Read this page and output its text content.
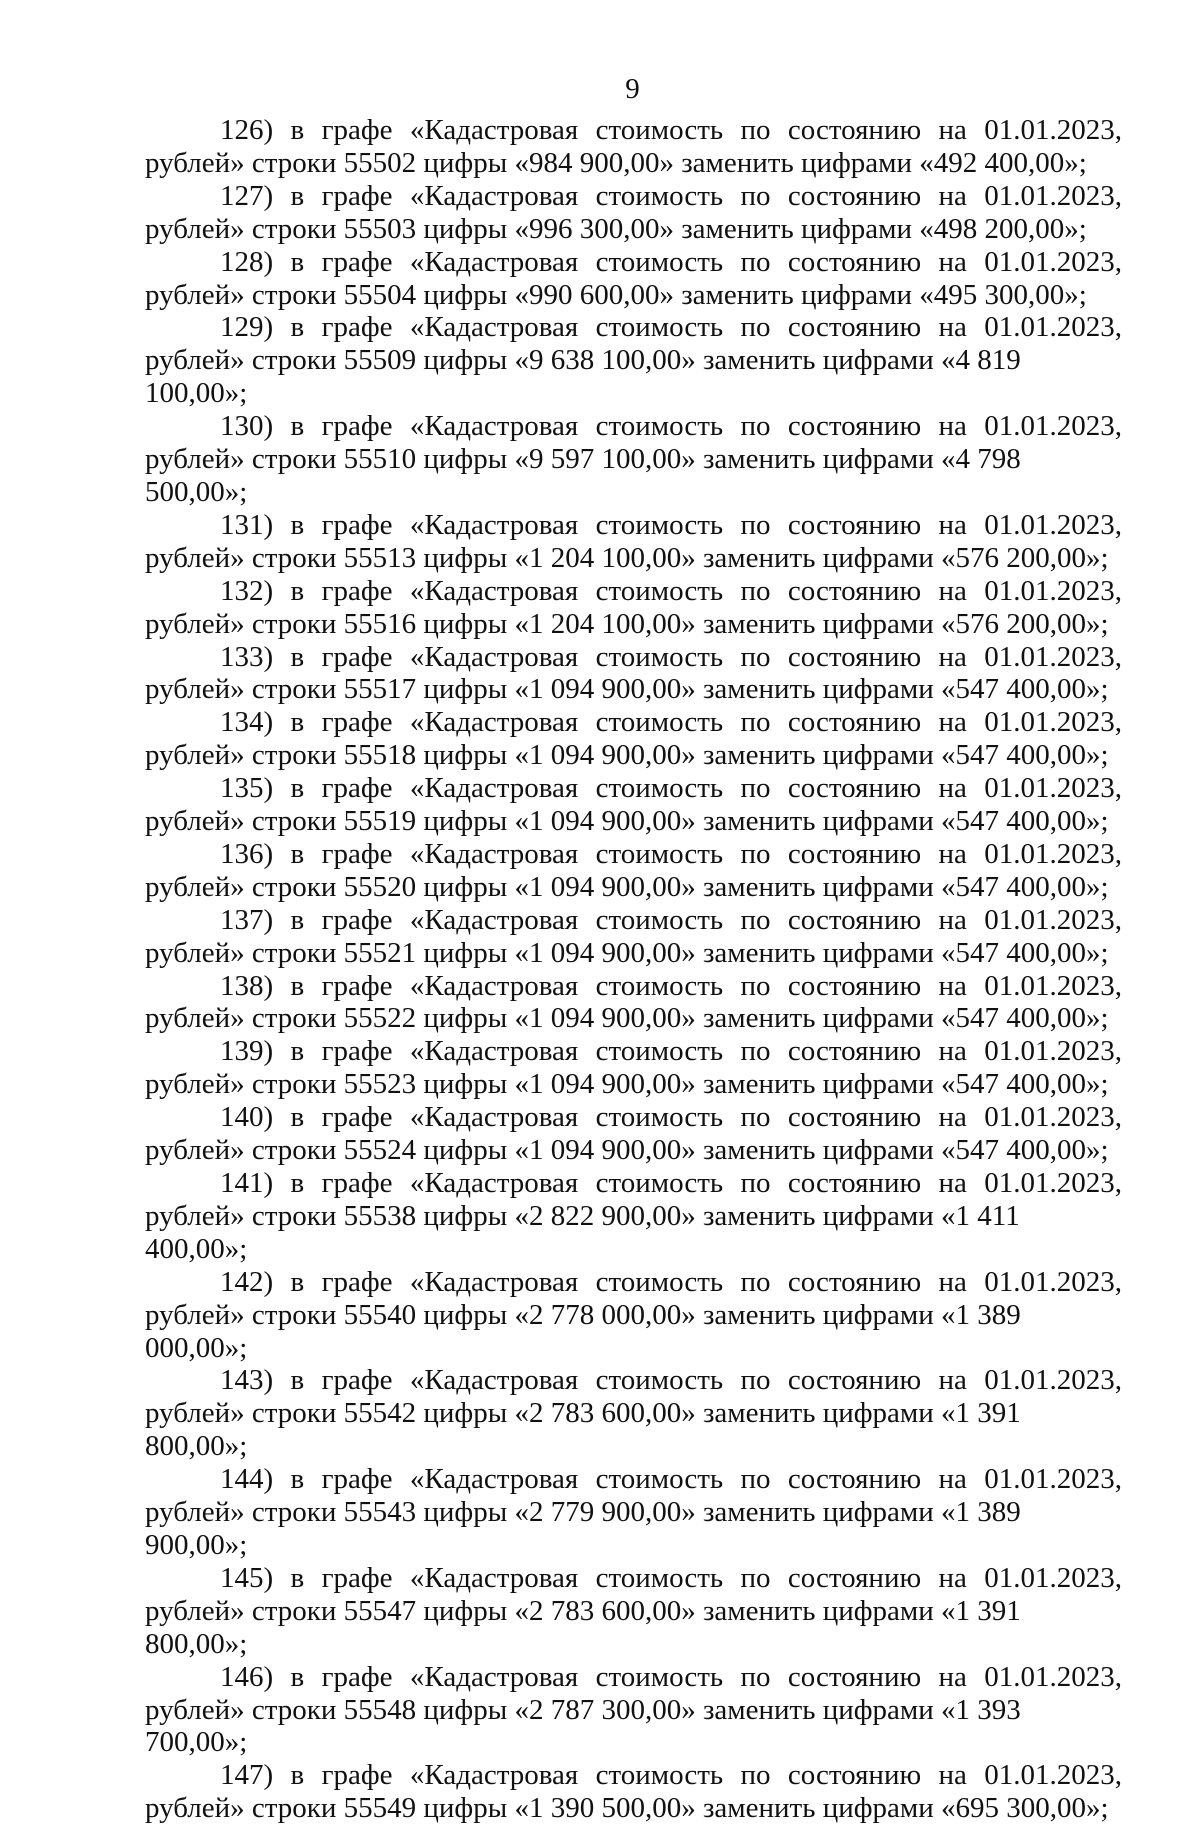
9
126) в графе «Кадастровая стоимость по состоянию на 01.01.2023,
рублей» строки 55502 цифры «984 900,00» заменить цифрами «492 400,00»;
127) в графе «Кадастровая стоимость по состоянию на 01.01.2023,
рублей» строки 55503 цифры «996 300,00» заменить цифрами «498 200,00»;
128) в графе «Кадастровая стоимость по состоянию на 01.01.2023,
рублей» строки 55504 цифры «990 600,00» заменить цифрами «495 300,00»;
129) в графе «Кадастровая стоимость по состоянию на 01.01.2023,
рублей» строки 55509 цифры «9 638 100,00» заменить цифрами «4 819 100,00»;
130) в графе «Кадастровая стоимость по состоянию на 01.01.2023,
рублей» строки 55510 цифры «9 597 100,00» заменить цифрами «4 798 500,00»;
131) в графе «Кадастровая стоимость по состоянию на 01.01.2023,
рублей» строки 55513 цифры «1 204 100,00» заменить цифрами «576 200,00»;
132) в графе «Кадастровая стоимость по состоянию на 01.01.2023,
рублей» строки 55516 цифры «1 204 100,00» заменить цифрами «576 200,00»;
133) в графе «Кадастровая стоимость по состоянию на 01.01.2023,
рублей» строки 55517 цифры «1 094 900,00» заменить цифрами «547 400,00»;
134) в графе «Кадастровая стоимость по состоянию на 01.01.2023,
рублей» строки 55518 цифры «1 094 900,00» заменить цифрами «547 400,00»;
135) в графе «Кадастровая стоимость по состоянию на 01.01.2023,
рублей» строки 55519 цифры «1 094 900,00» заменить цифрами «547 400,00»;
136) в графе «Кадастровая стоимость по состоянию на 01.01.2023,
рублей» строки 55520 цифры «1 094 900,00» заменить цифрами «547 400,00»;
137) в графе «Кадастровая стоимость по состоянию на 01.01.2023,
рублей» строки 55521 цифры «1 094 900,00» заменить цифрами «547 400,00»;
138) в графе «Кадастровая стоимость по состоянию на 01.01.2023,
рублей» строки 55522 цифры «1 094 900,00» заменить цифрами «547 400,00»;
139) в графе «Кадастровая стоимость по состоянию на 01.01.2023,
рублей» строки 55523 цифры «1 094 900,00» заменить цифрами «547 400,00»;
140) в графе «Кадастровая стоимость по состоянию на 01.01.2023,
рублей» строки 55524 цифры «1 094 900,00» заменить цифрами «547 400,00»;
141) в графе «Кадастровая стоимость по состоянию на 01.01.2023,
рублей» строки 55538 цифры «2 822 900,00» заменить цифрами «1 411 400,00»;
142) в графе «Кадастровая стоимость по состоянию на 01.01.2023,
рублей» строки 55540 цифры «2 778 000,00» заменить цифрами «1 389 000,00»;
143) в графе «Кадастровая стоимость по состоянию на 01.01.2023,
рублей» строки 55542 цифры «2 783 600,00» заменить цифрами «1 391 800,00»;
144) в графе «Кадастровая стоимость по состоянию на 01.01.2023,
рублей» строки 55543 цифры «2 779 900,00» заменить цифрами «1 389 900,00»;
145) в графе «Кадастровая стоимость по состоянию на 01.01.2023,
рублей» строки 55547 цифры «2 783 600,00» заменить цифрами «1 391 800,00»;
146) в графе «Кадастровая стоимость по состоянию на 01.01.2023,
рублей» строки 55548 цифры «2 787 300,00» заменить цифрами «1 393 700,00»;
147) в графе «Кадастровая стоимость по состоянию на 01.01.2023,
рублей» строки 55549 цифры «1 390 500,00» заменить цифрами «695 300,00»;
